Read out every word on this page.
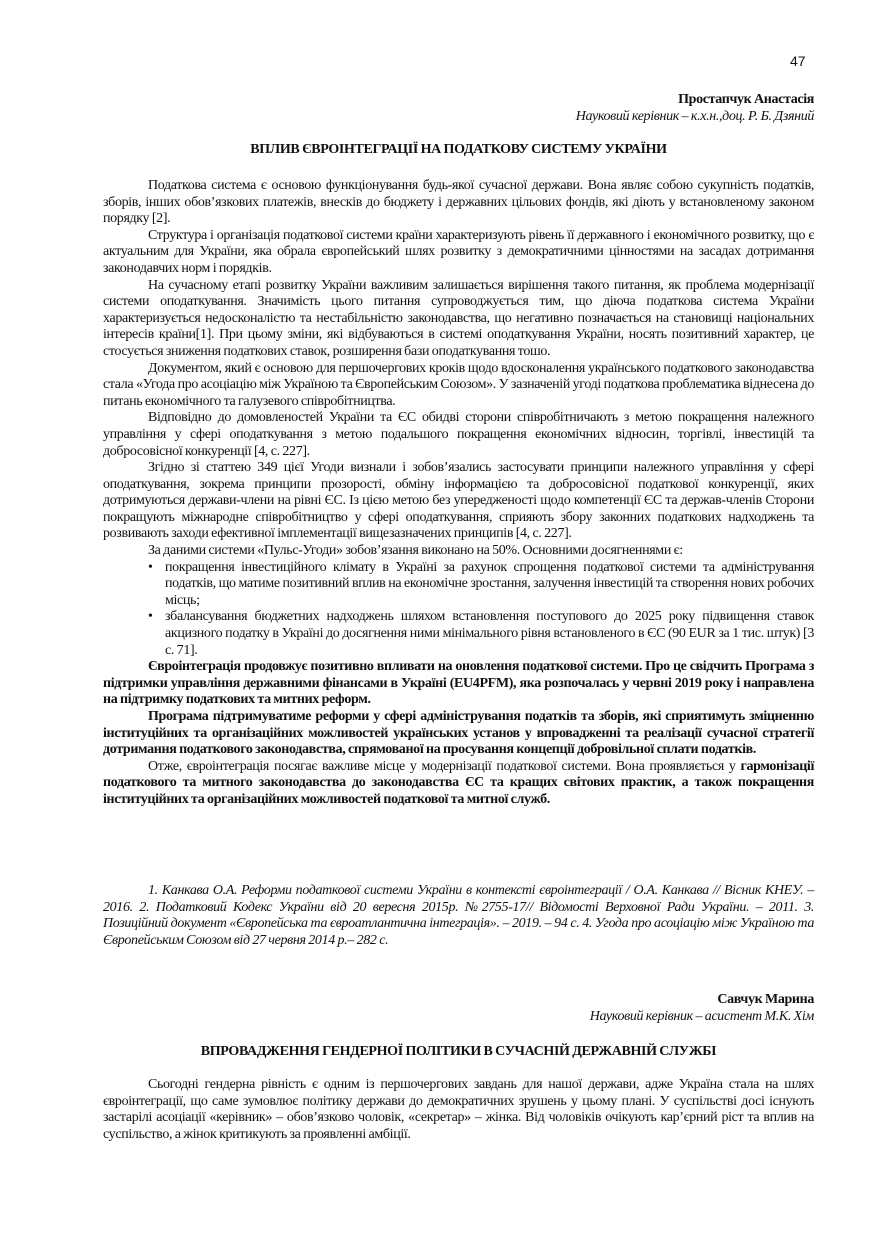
47

Простапчук Анастасія

Науковий керівник – к.х.н.,доц. Р. Б. Дзяний

ВПЛИВ ЄВРОІНТЕГРАЦІЇ НА ПОДАТКОВУ СИСТЕМУ УКРАЇНИ

Податкова система є основою функціонування будь-якої сучасної держави. Вона являє собою сукупність податків, зборів, інших обов’язкових платежів, внесків до бюджету і державних цільових фондів, які діють у встановленому законом порядку [2].

Структура і організація податкової системи країни характеризують рівень її державного і економічного розвитку, що є актуальним для України, яка обрала європейський шлях розвитку з демократичними цінностями на засадах дотримання законодавчих норм і порядків.

На сучасному етапі розвитку України важливим залишається вирішення такого питання, як проблема модернізації системи оподаткування. Значимість цього питання супроводжується тим, що діюча податкова система України характеризується недосконалістю та нестабільністю законодавства, що негативно позначається на становищі національних інтересів країни[1]. При цьому зміни, які відбуваються в системі оподаткування України, носять позитивний характер, це стосується зниження податкових ставок, розширення бази оподаткування тошо.

Документом, який є основою для першочергових кроків щодо вдосконалення українського податкового законодавства стала «Угода про асоціацію між Україною та Європейським Союзом». У зазначеній угоді податкова проблематика віднесена до питань економічного та галузевого співробітництва.

Відповідно до домовленостей України та ЄС обидві сторони співробітничають з метою покращення належного управління у сфері оподаткування з метою подальшого покращення економічних відносин, торгівлі, інвестицій та добросовісної конкуренції [4, с. 227].

Згідно зі статтею 349 цієї Угоди визнали і зобов’язались застосувати принципи належного управління у сфері оподаткування, зокрема принципи прозорості, обміну інформацією та добросовісної податкової конкуренції, яких дотримуються держави-члени на рівні ЄС. Із цією метою без упередженості щодо компетенції ЄС та держав-членів Сторони покращують міжнародне співробітництво у сфері оподаткування, сприяють збору законних податкових надходжень та розвивають заходи ефективної імплементації вищезазначених принципів [4, с. 227].

За даними системи «Пульс-Угоди» зобов’язання виконано на 50%. Основними досягненнями є:

• покращення інвестиційного клімату в Україні за рахунок спрощення податкової системи та адміністрування податків, що матиме позитивний вплив на економічне зростання, залучення інвестицій та створення нових робочих місць;
• збалансування бюджетних надходжень шляхом встановлення поступового до 2025 року підвищення ставок акцизного податку в Україні до досягнення ними мінімального рівня встановленого в ЄС (90 EUR за 1 тис. штук) [3 с. 71].

Євроінтеграція продовжує позитивно впливати на оновлення податкової системи. Про це свідчить Програма з підтримки управління державними фінансами в Україні (EU4PFM), яка розпочалась у червні 2019 року і направлена на підтримку податкових та митних реформ.

Програма підтримуватиме реформи у сфері адміністрування податків та зборів, які сприятимуть зміцненню інституційних та організаційних можливостей українських установ у впровадженні та реалізації сучасної стратегії дотримання податкового законодавства, спрямованої на просування концепції добровільної сплати податків.

Отже, євроінтеграція посягає важливе місце у модернізації податкової системи. Вона проявляється у гармонізації податкового та митного законодавства до законодавства ЄС та кращих світових практик, а також покращення інституційних та організаційних можливостей податкової та митної служб.

1. Канкава О.А. Реформи податкової системи України в контексті євроінтеграції / О.А. Канкава // Вісник КНЕУ. – 2016. 2. Податковий Кодекс України від 20 вересня 2015р. №2755-17// Відомості Верховної Ради України. – 2011. 3. Позиційний документ «Європейська та євроатлантична інтеграція». – 2019. – 94 с. 4. Угода про асоціацію між Україною та Європейським Союзом від 27 червня 2014 р.– 282 с.

Савчук Марина

Науковий керівник – асистент М.К. Хім

ВПРОВАДЖЕННЯ ГЕНДЕРНОЇ ПОЛІТИКИ В СУЧАСНІЙ ДЕРЖАВНІЙ СЛУЖБІ

Сьогодні гендерна рівність є одним із першочергових завдань для нашої держави, адже Україна стала на шлях євроінтеграції, що саме зумовлює політику держави до демократичних зрушень у цьому плані. У суспільстві досі існують застарілі асоціації «керівник» – обов’язково чоловік, «секретар» – жінка. Від чоловіків очікують кар’єрний ріст та вплив на суспільство, а жінок критикують за проявленні амбіції.
